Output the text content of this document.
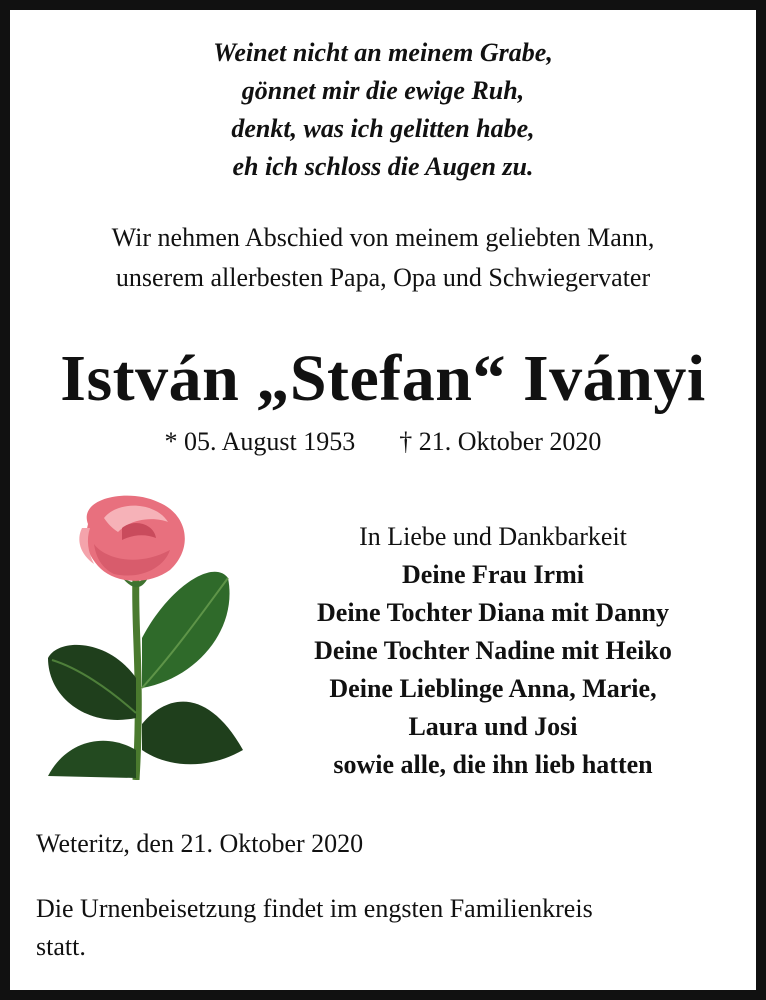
Weinet nicht an meinem Grabe,
gönnet mir die ewige Ruh,
denkt, was ich gelitten habe,
eh ich schloss die Augen zu.
Wir nehmen Abschied von meinem geliebten Mann,
unserem allerbesten Papa, Opa und Schwiegervater
István „Stefan“ Iványi
* 05. August 1953 † 21. Oktober 2020
In Liebe und Dankbarkeit
Deine Frau Irmi
Deine Tochter Diana mit Danny
Deine Tochter Nadine mit Heiko
Deine Lieblinge Anna, Marie,
Laura und Josi
sowie alle, die ihn lieb hatten
Weteritz, den 21. Oktober 2020
Die Urnenbeisetzung findet im engsten Familienkreis
statt.
